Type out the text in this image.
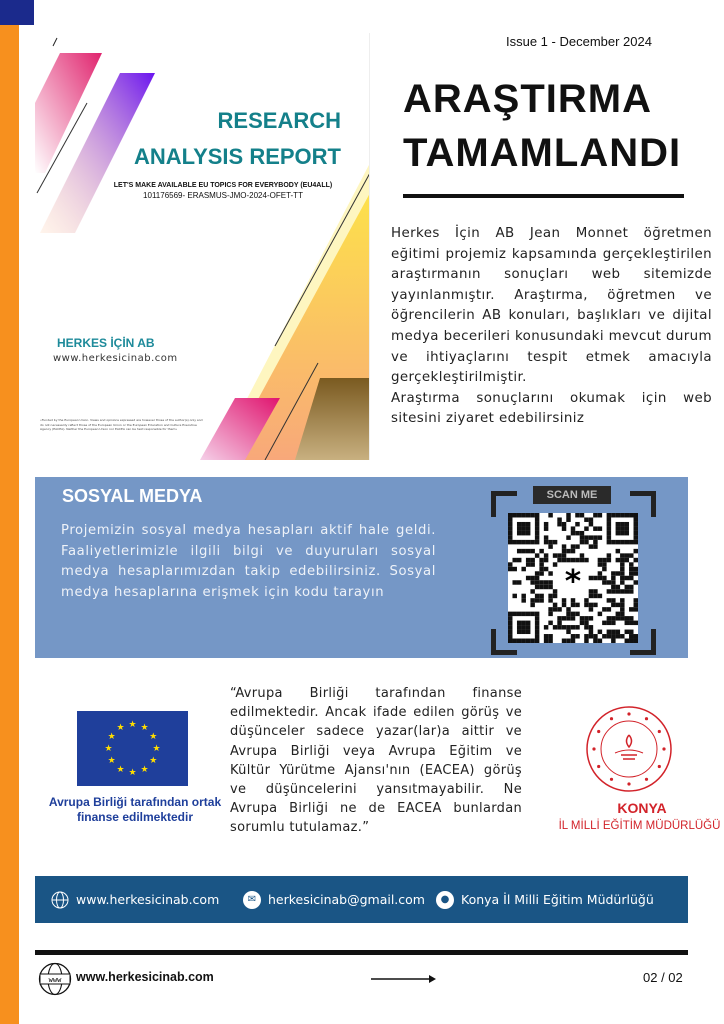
RESEARCH
ANALYSIS REPORT
LET'S MAKE AVAILABLE EU TOPICS FOR EVERYBODY (EU4ALL)
101176569- ERASMUS-JMO-2024-OFET-TT
HERKES İÇİN AB
www.herkesicinab.com
«Funded by the European Union. Views and opinions expressed are however those of the author(s) only and do not necessarily reflect those of the European Union or the European Education and Culture Executive Agency (EACEA). Neither the European Union nor EACEA can be held responsible for them»
Issue 1 - December 2024
ARAŞTIRMA
TAMAMLANDI

Herkes İçin AB Jean Monnet öğretmen eğitimi projemiz kapsamında gerçekleştirilen araştırmanın sonuçları web sitemizde yayınlanmıştır. Araştırma, öğretmen ve öğrencilerin AB konuları, başlıkları ve dijital medya becerileri konusundaki mevcut durum ve ihtiyaçlarını tespit etmek amacıyla gerçekleştirilmiştir.

Araştırma sonuçlarını okumak için web sitesini ziyaret edebilirsiniz

SOSYAL MEDYA
Projemizin sosyal medya hesapları aktif hale geldi. Faaliyetlerimizle ilgili bilgi ve duyuruları sosyal medya hesaplarımızdan takip edebilirsiniz. Sosyal medya hesaplarına erişmek için kodu tarayın
SCAN ME
*
★
★
★
★
★
★
★
★
★ ★ ★
★
Avrupa Birliği tarafından ortak finanse edilmektedir
“Avrupa Birliği tarafından finanse edilmektedir. Ancak ifade edilen görüş ve düşünceler sadece yazar(lar)a aittir ve Avrupa Birliği veya Avrupa Eğitim ve Kültür Yürütme Ajansı'nın (EACEA) görüş ve düşüncelerini yansıtmayabilir. Ne Avrupa Birliği ne de EACEA bunlardan sorumlu tutulamaz.”
KONYA
İL MİLLİ EĞİTİM MÜDÜRLÜĞÜ
www.herkesicinab.com	✉ herkesicinab@gmail.com	● Konya İl Milli Eğitim Müdürlüğü
www www.herkesicinab.com	02 / 02
